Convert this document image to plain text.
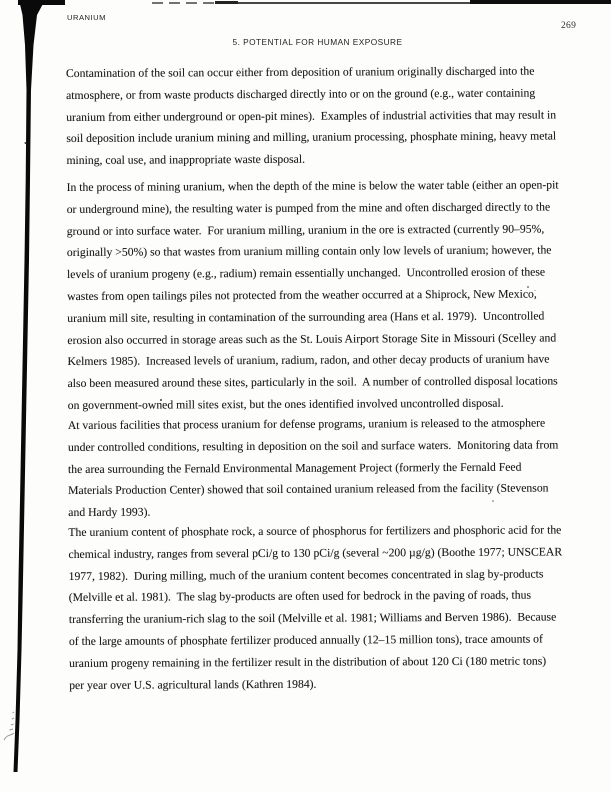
URANIUM
269
5. POTENTIAL FOR HUMAN EXPOSURE
Contamination of the soil can occur either from deposition of uranium originally discharged into the
atmosphere, or from waste products discharged directly into or on the ground (e.g., water containing
uranium from either underground or open-pit mines).  Examples of industrial activities that may result in
soil deposition include uranium mining and milling, uranium processing, phosphate mining, heavy metal
mining, coal use, and inappropriate waste disposal.
In the process of mining uranium, when the depth of the mine is below the water table (either an open-pit
or underground mine), the resulting water is pumped from the mine and often discharged directly to the
ground or into surface water.  For uranium milling, uranium in the ore is extracted (currently 90–95%,
originally >50%) so that wastes from uranium milling contain only low levels of uranium; however, the
levels of uranium progeny (e.g., radium) remain essentially unchanged.  Uncontrolled erosion of these
wastes from open tailings piles not protected from the weather occurred at a Shiprock, New Mexico,
uranium mill site, resulting in contamination of the surrounding area (Hans et al. 1979).  Uncontrolled
erosion also occurred in storage areas such as the St. Louis Airport Storage Site in Missouri (Scelley and
Kelmers 1985).  Increased levels of uranium, radium, radon, and other decay products of uranium have
also been measured around these sites, particularly in the soil.  A number of controlled disposal locations
on government-owned mill sites exist, but the ones identified involved uncontrolled disposal.
At various facilities that process uranium for defense programs, uranium is released to the atmosphere
under controlled conditions, resulting in deposition on the soil and surface waters.  Monitoring data from
the area surrounding the Fernald Environmental Management Project (formerly the Fernald Feed
Materials Production Center) showed that soil contained uranium released from the facility (Stevenson
and Hardy 1993).
The uranium content of phosphate rock, a source of phosphorus for fertilizers and phosphoric acid for the
chemical industry, ranges from several pCi/g to 130 pCi/g (several ~200 µg/g) (Boothe 1977; UNSCEAR
1977, 1982).  During milling, much of the uranium content becomes concentrated in slag by-products
(Melville et al. 1981).  The slag by-products are often used for bedrock in the paving of roads, thus
transferring the uranium-rich slag to the soil (Melville et al. 1981; Williams and Berven 1986).  Because
of the large amounts of phosphate fertilizer produced annually (12–15 million tons), trace amounts of
uranium progeny remaining in the fertilizer result in the distribution of about 120 Ci (180 metric tons)
per year over U.S. agricultural lands (Kathren 1984).
